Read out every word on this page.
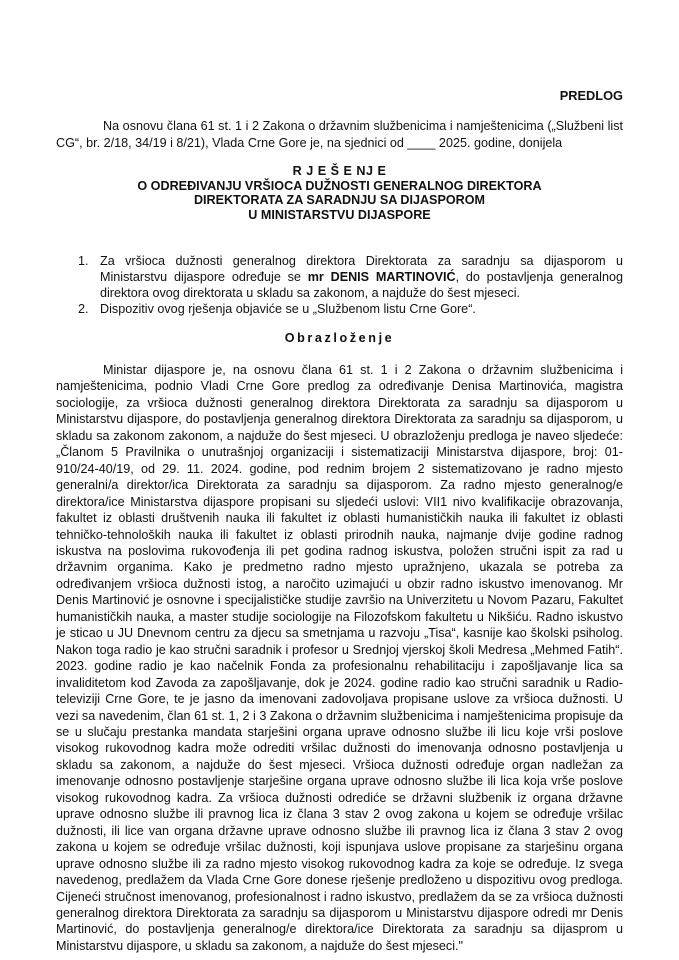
PREDLOG

Na osnovu člana 61 st. 1 i 2 Zakona o državnim službenicima i namještenicima („Službeni list CG“, br. 2/18, 34/19 i 8/21), Vlada Crne Gore je, na sjednici od ____ 2025. godine, donijela

R J E Š E NJ E
O ODREĐIVANJU VRŠIOCA DUŽNOSTI GENERALNOG DIREKTORA
DIREKTORATA ZA SARADNJU SA DIJASPOROM
U MINISTARSTVU DIJASPORE
1. Za vršioca dužnosti generalnog direktora Direktorata za saradnju sa dijasporom u Ministarstvu dijaspore određuje se mr DENIS MARTINOVIĆ, do postavljenja generalnog direktora ovog direktorata u skladu sa zakonom, a najduže do šest mjeseci.
2. Dispozitiv ovog rješenja objaviće se u „Službenom listu Crne Gore“.
Obrazloženje

Ministar dijaspore je, na osnovu člana 61 st. 1 i 2 Zakona o državnim službenicima i namještenicima, podnio Vladi Crne Gore predlog za određivanje Denisa Martinovića, magistra sociologije, za vršioca dužnosti generalnog direktora Direktorata za saradnju sa dijasporom u Ministarstvu dijaspore, do postavljenja generalnog direktora Direktorata za saradnju sa dijasporom, u skladu sa zakonom zakonom, a najduže do šest mjeseci. U obrazloženju predloga je naveo sljedeće: „Članom 5 Pravilnika o unutrašnjoj organizaciji i sistematizaciji Ministarstva dijaspore, broj: 01- 910/24-40/19, od 29. 11. 2024. godine, pod rednim brojem 2 sistematizovano je radno mjesto generalni/a direktor/ica Direktorata za saradnju sa dijasporom. Za radno mjesto generalnog/e direktora/ice Ministarstva dijaspore propisani su sljedeći uslovi: VII1 nivo kvalifikacije obrazovanja, fakultet iz oblasti društvenih nauka ili fakultet iz oblasti humanističkih nauka ili fakultet iz oblasti tehničko-tehnoloških nauka ili fakultet iz oblasti prirodnih nauka, najmanje dvije godine radnog iskustva na poslovima rukovođenja ili pet godina radnog iskustva, položen stručni ispit za rad u državnim organima. Kako je predmetno radno mjesto upražnjeno, ukazala se potreba za određivanjem vršioca dužnosti istog, a naročito uzimajući u obzir radno iskustvo imenovanog. Mr Denis Martinović je osnovne i specijalističke studije završio na Univerzitetu u Novom Pazaru, Fakultet humanističkih nauka, a master studije sociologije na Filozofskom fakultetu u Nikšiću. Radno iskustvo je sticao u JU Dnevnom centru za djecu sa smetnjama u razvoju „Tisa“, kasnije kao školski psiholog. Nakon toga radio je kao stručni saradnik i profesor u Srednjoj vjerskoj školi Medresa „Mehmed Fatih“. 2023. godine radio je kao načelnik Fonda za profesionalnu rehabilitaciju i zapošljavanje lica sa invaliditetom kod Zavoda za zapošljavanje, dok je 2024. godine radio kao stručni saradnik u Radio-televiziji Crne Gore, te je jasno da imenovani zadovoljava propisane uslove za vršioca dužnosti. U vezi sa navedenim, član 61 st. 1, 2 i 3 Zakona o državnim službenicima i namještenicima propisuje da se u slučaju prestanka mandata starješini organa uprave odnosno službe ili licu koje vrši poslove visokog rukovodnog kadra može odrediti vršilac dužnosti do imenovanja odnosno postavljenja u skladu sa zakonom, a najduže do šest mjeseci. Vršioca dužnosti određuje organ nadležan za imenovanje odnosno postavljenje starješine organa uprave odnosno službe ili lica koja vrše poslove visokog rukovodnog kadra. Za vršioca dužnosti odrediće se državni službenik iz organa državne uprave odnosno službe ili pravnog lica iz člana 3 stav 2 ovog zakona u kojem se određuje vršilac dužnosti, ili lice van organa državne uprave odnosno službe ili pravnog lica iz člana 3 stav 2 ovog zakona u kojem se određuje vršilac dužnosti, koji ispunjava uslove propisane za starješinu organa uprave odnosno službe ili za radno mjesto visokog rukovodnog kadra za koje se određuje. Iz svega navedenog, predlažem da Vlada Crne Gore donese rješenje predloženo u dispozitivu ovog predloga. Cijeneći stručnost imenovanog, profesionalnost i radno iskustvo, predlažem da se za vršioca dužnosti generalnog direktora Direktorata za saradnju sa dijasporom u Ministarstvu dijaspore odredi mr Denis Martinović, do postavljenja generalnog/e direktora/ice Direktorata za saradnju sa dijasprom u Ministarstvu dijaspore, u skladu sa zakonom, a najduže do šest mjeseci."
